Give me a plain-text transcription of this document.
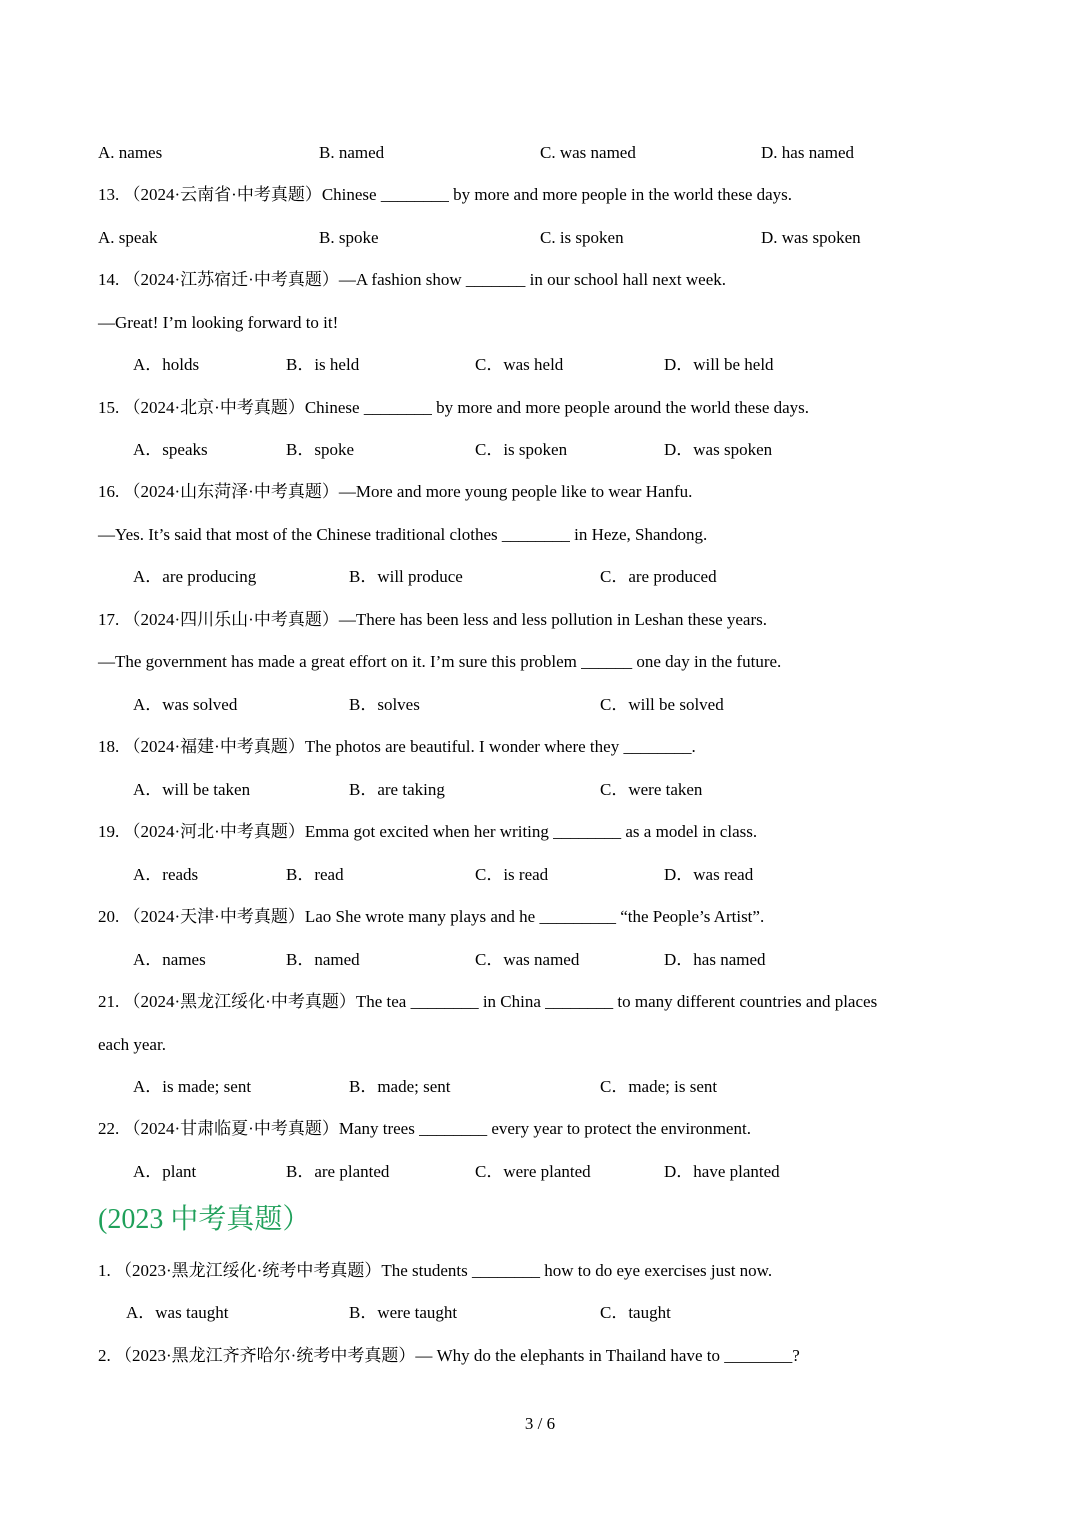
A. names	B. named	C. was named	D. has named
13. （2024·云南省·中考真题）Chinese ________ by more and more people in the world these days.
A. speak	B. spoke	C. is spoken	D. was spoken
14. （2024·江苏宿迁·中考真题）—A fashion show _______ in our school hall next week.
—Great! I’m looking forward to it!
A．holds	B．is held	C．was held	D．will be held
15. （2024·北京·中考真题）Chinese ________ by more and more people around the world these days.
A．speaks	B．spoke	C．is spoken	D．was spoken
16. （2024·山东菏泽·中考真题）—More and more young people like to wear Hanfu.
—Yes. It’s said that most of the Chinese traditional clothes ________ in Heze, Shandong.
A．are producing	B．will produce	C．are produced
17. （2024·四川乐山·中考真题）—There has been less and less pollution in Leshan these years.
—The government has made a great effort on it. I’m sure this problem ______ one day in the future.
A．was solved	B．solves	C．will be solved
18. （2024·福建·中考真题）The photos are beautiful. I wonder where they ________.
A．will be taken	B．are taking	C．were taken
19. （2024·河北·中考真题）Emma got excited when her writing ________ as a model in class.
A．reads	B．read	C．is read	D．was read
20. （2024·天津·中考真题）Lao She wrote many plays and he _________ “the People’s Artist”.
A．names	B．named	C．was named	D．has named
21. （2024·黑龙江绥化·中考真题）The tea ________ in China ________ to many different countries and places
each year.
A．is made; sent	B．made; sent	C．made; is sent
22. （2024·甘肃临夏·中考真题）Many trees ________ every year to protect the environment.
A．plant	B．are planted	C．were planted	D．have planted
(2023 中考真题）
1. （2023·黑龙江绥化·统考中考真题）The students ________ how to do eye exercises just now.
A．was taught	B．were taught	C．taught
2. （2023·黑龙江齐齐哈尔·统考中考真题）— Why do the elephants in Thailand have to ________?
3 / 6
